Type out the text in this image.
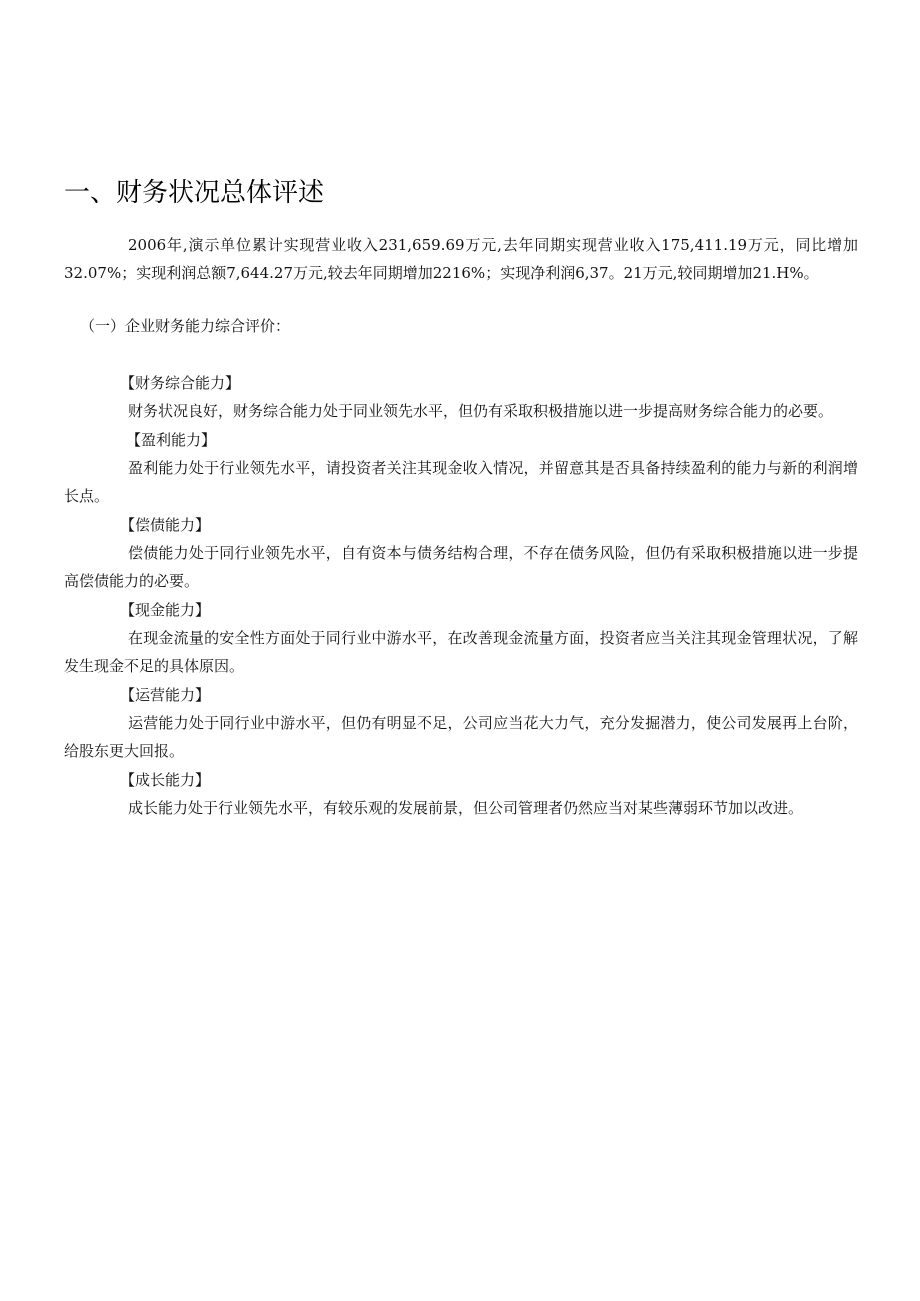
一、财务状况总体评述

2006年,演示单位累计实现营业收入231,659.69万元,去年同期实现营业收入175,411.19万元，同比增加32.07%；实现利润总额7,644.27万元,较去年同期增加2216%；实现净利润6,37。21万元,较同期增加21.H%。

（一）企业财务能力综合评价：

【财务综合能力】

财务状况良好，财务综合能力处于同业领先水平，但仍有采取积极措施以进一步提高财务综合能力的必要。

【盈利能力】

盈利能力处于行业领先水平，请投资者关注其现金收入情况，并留意其是否具备持续盈利的能力与新的利润增长点。

【偿债能力】

偿债能力处于同行业领先水平，自有资本与债务结构合理，不存在债务风险，但仍有采取积极措施以进一步提高偿债能力的必要。

【现金能力】

在现金流量的安全性方面处于同行业中游水平，在改善现金流量方面，投资者应当关注其现金管理状况，了解发生现金不足的具体原因。

【运营能力】

运营能力处于同行业中游水平，但仍有明显不足，公司应当花大力气，充分发掘潜力，使公司发展再上台阶，给股东更大回报。

【成长能力】

成长能力处于行业领先水平，有较乐观的发展前景，但公司管理者仍然应当对某些薄弱环节加以改进。
